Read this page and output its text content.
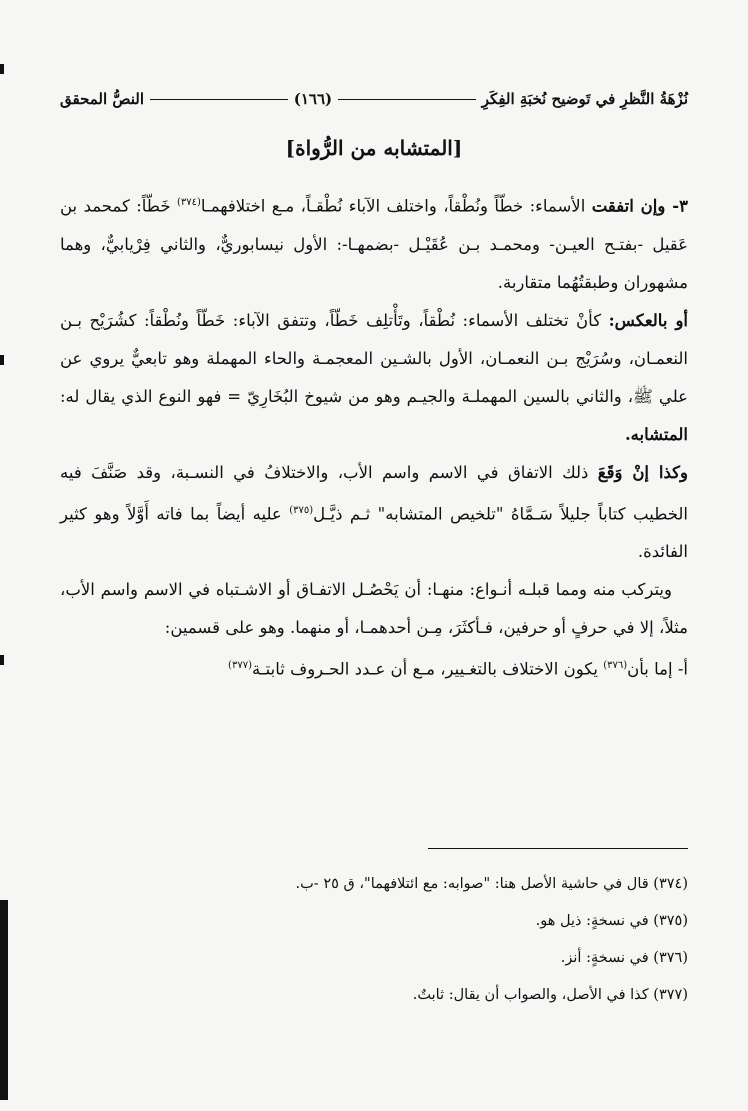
نُزْهَةُ النَّظرِ في تَوضيح نُخبَةِ الفِكَرِ
(١٦٦)
النصُّ المحقق
[المتشابه من الرُّواة]

٣- وإن اتفقت الأسماء: خطّاً ونُطْقاً، واختلف الآباء نُطْقـاً، مـع اختلافهمـا$^{(٣٧٤)}$ خَطّاً: كمحمد بن عَقيل -بفتـح العيـن- ومحمـد بـن عُقَيْـل -بضمهـا-: الأول نيسابوريٌّ، والثاني فِرْيابيٌّ، وهما مشهوران وطبقتُهُما متقاربة.

أو بالعكس: كأنْ تختلف الأسماء: نُطْقاً، وتَأْتلِف خَطّاً، وتتفق الآباء: خَطّاً ونُطْقاً: كشُرَيْح بـن النعمـان، وسُرَيْج بـن النعمـان، الأول بالشـين المعجمـة والحاء المهملة وهو تابعيٌّ يروي عن علي ﷺ، والثاني بالسين المهملـة والجيـم وهو من شيوخ البُخَارِيّ = فهو النوع الذي يقال له: المتشابه.

وكذا إنْ وَقَعَ ذلك الاتفاق في الاسم واسم الأب، والاختلافُ في النسـبة، وقد صَنَّفَ فيه الخطيب كتاباً جليلاً سَـمَّاهُ "تلخيص المتشابه" ثـم ذيَّـل$^{(٣٧٥)}$ عليه أيضاً بما فاته أَوَّلاً وهو كثير الفائدة.

ويتركب منه ومما قبلـه أنـواع: منهـا: أن يَحْصُـل الاتفـاق أو الاشـتباه في الاسم واسم الأب، مثلاً، إلا في حرفٍ أو حرفين، فـأكثَرَ، مِـن أحدهمـا، أو منهما. وهو على قسمين:

أ- إما بأن$^{(٣٧٦)}$ يكون الاختلاف بالتغـيير، مـع أن عـدد الحـروف ثابتـة$^{(٣٧٧)}$

(٣٧٤) قال في حاشية الأصل هنا: "صوابه: مع ائتلافهما"، ق ٢٥ -ب.

(٣٧٥) في نسخةٍ: ذيل هو.

(٣٧٦) في نسخةٍ: أنز.

(٣٧٧) كذا في الأصل، والصواب أن يقال: ثابتٌ.
